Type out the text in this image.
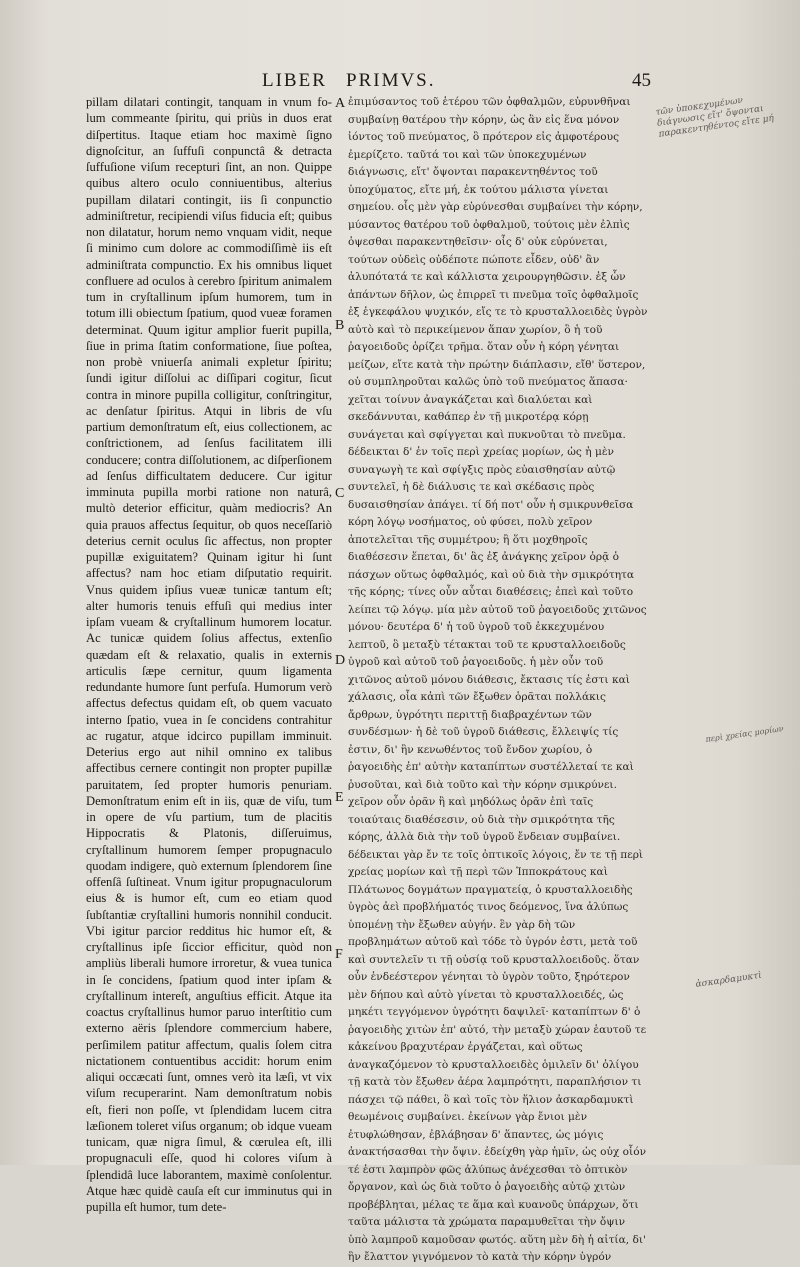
LIBER PRIMVS.	45

pillam dilatari contingit, tanquam in vnum fo-lum commeante ſpiritu, qui priùs in duos erat diſpertitus. Itaque etiam hoc maximè ſigno dignoſcitur, an ſuffuſi conpunctâ & detracta ſuffuſione viſum recepturi ſint, an non. Quippe quibus altero oculo conniuentibus, alterius pupillam dilatari contingit, iis ſi conpunctio adminiſtretur, recipiendi viſus fiducia eſt; quibus non dilatatur, horum nemo vnquam vidit, neque ſi minimo cum dolore ac commodiſſimè iis eſt adminiſtrata compunctio. Ex his omnibus liquet confluere ad oculos à cerebro ſpiritum animalem tum in cryſtallinum ipſum humorem, tum in totum illi obiectum ſpatium, quod vueæ foramen determinat. Quum igitur amplior fuerit pupilla, ſiue in prima ſtatim conformatione, ſiue poſtea, non probè vniuerſa animali expletur ſpiritu; ſundi igitur diſſolui ac diſſipari cogitur, ſicut contra in minore pupilla colligitur, conſtringitur, ac denſatur ſpiritus. Atqui in libris de vſu partium demonſtratum eſt, eius collectionem, ac conſtrictionem, ad ſenſus facilitatem illi conducere; contra diſſolutionem, ac diſperſionem ad ſenſus difficultatem deducere. Cur igitur imminuta pupilla morbi ratione non naturâ, multò deterior efficitur, quàm mediocris? An quia prauos affectus ſequitur, ob quos neceſſariò deterius cernit oculus ſic affectus, non propter pupillæ exiguitatem? Quinam igitur hi ſunt affectus? nam hoc etiam diſputatio requirit. Vnus quidem ipſius vueæ tunicæ tantum eſt; alter humoris tenuis effuſi qui medius inter ipſam vueam & cryſtallinum humorem locatur. Ac tunicæ quidem ſolius affectus, extenſio quædam eſt & relaxatio, qualis in externis articulis ſæpe cernitur, quum ligamenta redundante humore ſunt perfuſa. Humorum verò affectus defectus quidam eſt, ob quem vacuato interno ſpatio, vuea in ſe concidens contrahitur ac rugatur, atque idcirco pupillam imminuit. Deterius ergo aut nihil omnino ex talibus affectibus cernere contingit non propter pupillæ paruitatem, ſed propter humoris penuriam. Demonſtratum enim eſt in iis, quæ de viſu, tum in opere de vſu partium, tum de placitis Hippocratis & Platonis, diſſeruimus, cryſtallinum humorem ſemper propugnaculo quodam indigere, quò externum ſplendorem ſine offenſâ ſuſtineat. Vnum igitur propugnaculorum eius & is humor eſt, cum eo etiam quod ſubſtantiæ cryſtallini humoris nonnihil conducit. Vbi igitur parcior redditus hic humor eſt, & cryſtallinus ipſe ſiccior efficitur, quòd non ampliùs liberali humore irroretur, & vuea tunica in ſe concidens, ſpatium quod inter ipſam & cryſtallinum intereſt, anguſtius efficit. Atque ita coactus cryſtallinus humor paruo interſtitio cum externo aëris ſplendore commercium habere, perſimilem patitur affectum, qualis ſolem citra nictationem contuentibus accidit: horum enim aliqui occæcati ſunt, omnes verò ita læſi, vt vix viſum recuperarint. Nam demonſtratum nobis eſt, fieri non poſſe, vt ſplendidam lucem citra læſionem toleret viſus organum; ob idque vueam tunicam, quæ nigra ſimul, & cœrulea eſt, illi propugnaculi eſſe, quod hi colores viſum à ſplendidâ luce laborantem, maximè conſolentur. Atque hæc quidè cauſa eſt cur imminutus qui in pupilla eſt humor, tum dete-

A
B
C
D
E
F

ἐπιμύσαντος τοῦ ἑτέρου τῶν ὀφθαλμῶν, εὐρυνθῆναι συμβαίνῃ θατέρου τὴν κόρην, ὡς ἂν εἰς ἕνα μόνον ἰόντος τοῦ πνεύματος, ὃ πρότερον εἰς ἀμφοτέρους ἐμερίζετο. ταῦτά τοι καὶ τῶν ὑποκεχυμένων διάγνωσις, εἴτ' ὄψονται παρακεντηθέντος τοῦ ὑποχύματος, εἴτε μή, ἐκ τούτου μάλιστα γίνεται σημείου. οἷς μὲν γὰρ εὐρύνεσθαι συμβαίνει τὴν κόρην, μύσαντος θατέρου τοῦ ὀφθαλμοῦ, τούτοις μὲν ἐλπὶς ὀψεσθαι παρακεντηθεῖσιν· οἷς δ' οὐκ εὐρύνεται, τούτων οὐδεὶς οὐδέποτε πώποτε εἶδεν, οὐδ' ἂν ἀλυπότατά τε καὶ κάλλιστα χειρουργηθῶσιν. ἐξ ὧν ἁπάντων δῆλον, ὡς ἐπιρρεῖ τι πνεῦμα τοῖς ὀφθαλμοῖς ἐξ ἐγκεφάλου ψυχικόν, εἴς τε τὸ κρυσταλλοειδὲς ὑγρὸν αὐτὸ καὶ τὸ περικείμενον ἅπαν χωρίον, ὃ ἡ τοῦ ῥαγοειδοῦς ὁρίζει τρῆμα. ὅταν οὖν ἡ κόρη γένηται μείζων, εἴτε κατὰ τὴν πρώτην διάπλασιν, εἴθ' ὕστερον, οὐ συμπληροῦται καλῶς ὑπὸ τοῦ πνεύματος ἅπασα· χεῖται τοίνυν ἀναγκάζεται καὶ διαλύεται καὶ σκεδάννυται, καθάπερ ἐν τῇ μικροτέρᾳ κόρῃ συνάγεται καὶ σφίγγεται καὶ πυκνοῦται τὸ πνεῦμα. δέδεικται δ' ἐν τοῖς περὶ χρείας μορίων, ὡς ἡ μὲν συναγωγὴ τε καὶ σφίγξις πρὸς εὐαισθησίαν αὐτῷ συντελεῖ, ἡ δὲ διάλυσις τε καὶ σκέδασις πρὸς δυσαισθησίαν ἀπάγει. τί δή ποτ' οὖν ἡ σμικρυνθεῖσα κόρη λόγῳ νοσήματος, οὐ φύσει, πολὺ χεῖρον ἀποτελεῖται τῆς συμμέτρου; ἢ ὅτι μοχθηροῖς διαθέσεσιν ἕπεται, δι' ἃς ἐξ ἀνάγκης χεῖρον ὁρᾷ ὁ πάσχων οὕτως ὀφθαλμός, καὶ οὐ διὰ τὴν σμικρότητα τῆς κόρης; τίνες οὖν αὗται διαθέσεις; ἐπεὶ καὶ τοῦτο λείπει τῷ λόγῳ. μία μὲν αὐτοῦ τοῦ ῥαγοειδοῦς χιτῶνος μόνου· δευτέρα δ' ἡ τοῦ ὑγροῦ τοῦ ἐκκεχυμένου λεπτοῦ, ὃ μεταξὺ τέτακται τοῦ τε κρυσταλλοειδοῦς ὑγροῦ καὶ αὐτοῦ τοῦ ῥαγοειδοῦς. ἡ μὲν οὖν τοῦ χιτῶνος αὐτοῦ μόνου διάθεσις, ἔκτασις τίς ἐστι καὶ χάλασις, οἷα κἀπὶ τῶν ἔξωθεν ὁρᾶται πολλάκις ἄρθρων, ὑγρότητι περιττῇ διαβραχέντων τῶν συνδέσμων· ἡ δὲ τοῦ ὑγροῦ διάθεσις, ἔλλειψίς τίς ἐστιν, δι' ἣν κενωθέντος τοῦ ἔνδον χωρίου, ὁ ῥαγοειδὴς ἐπ' αὐτὴν καταπίπτων συστέλλεταί τε καὶ ῥυσοῦται, καὶ διὰ τοῦτο καὶ τὴν κόρην σμικρύνει. χεῖρον οὖν ὁρᾶν ἢ καὶ μηδόλως ὁρᾶν ἐπὶ ταῖς τοιαύταις διαθέσεσιν, οὐ διὰ τὴν σμικρότητα τῆς κόρης, ἀλλὰ διὰ τὴν τοῦ ὑγροῦ ἔνδειαν συμβαίνει. δέδεικται γὰρ ἔν τε τοῖς ὀπτικοῖς λόγοις, ἔν τε τῇ περὶ χρείας μορίων καὶ τῇ περὶ τῶν Ἱπποκράτους καὶ Πλάτωνος δογμάτων πραγματείᾳ, ὁ κρυσταλλοειδὴς ὑγρὸς ἀεὶ προβλήματός τινος δεόμενος, ἵνα ἀλύπως ὑπομένῃ τὴν ἔξωθεν αὐγήν. ἓν γὰρ δὴ τῶν προβλημάτων αὐτοῦ καὶ τόδε τὸ ὑγρόν ἐστι, μετὰ τοῦ καὶ συντελεῖν τι τῇ οὐσίᾳ τοῦ κρυσταλλοειδοῦς. ὅταν οὖν ἐνδεέστερον γένηται τὸ ὑγρὸν τοῦτο, ξηρότερον μὲν δήπου καὶ αὐτὸ γίνεται τὸ κρυσταλλοειδές, ὡς μηκέτι τεγγόμενον ὑγρότητι δαψιλεῖ· καταπίπτων δ' ὁ ῥαγοειδὴς χιτὼν ἐπ' αὐτό, τὴν μεταξὺ χώραν ἑαυτοῦ τε κἀκείνου βραχυτέραν ἐργάζεται, καὶ οὕτως ἀναγκαζόμενον τὸ κρυσταλλοειδὲς ὁμιλεῖν δι' ὀλίγου τῇ κατὰ τὸν ἔξωθεν ἀέρα λαμπρότητι, παραπλήσιον τι πάσχει τῷ πάθει, ὃ καὶ τοῖς τὸν ἥλιον ἀσκαρδαμυκτὶ θεωμένοις συμβαίνει. ἐκείνων γὰρ ἔνιοι μὲν ἐτυφλώθησαν, ἐβλάβησαν δ' ἅπαντες, ὡς μόγις ἀνακτήσασθαι τὴν ὄψιν. ἐδείχθη γὰρ ἡμῖν, ὡς οὐχ οἷόν τέ ἐστι λαμπρὸν φῶς ἀλύπως ἀνέχεσθαι τὸ ὀπτικὸν ὄργανον, καὶ ὡς διὰ τοῦτο ὁ ῥαγοειδὴς αὐτῷ χιτὼν προβέβληται, μέλας τε ἅμα καὶ κυανοῦς ὑπάρχων, ὅτι ταῦτα μάλιστα τὰ χρώματα παραμυθεῖται τὴν ὄψιν ὑπὸ λαμπροῦ καμοῦσαν φωτός. αὕτη μὲν δὴ ἡ αἰτία, δι' ἣν ἔλαττον γιγνόμενον τὸ κατὰ τὴν κόρην ὑγρόν

τῶν ὑποκεχυμένων διάγνωσις εἴτ' ὄψονται παρακεντηθέντος εἴτε μή
περὶ χρείας μορίων
ἀσκαρδαμυκτὶ
